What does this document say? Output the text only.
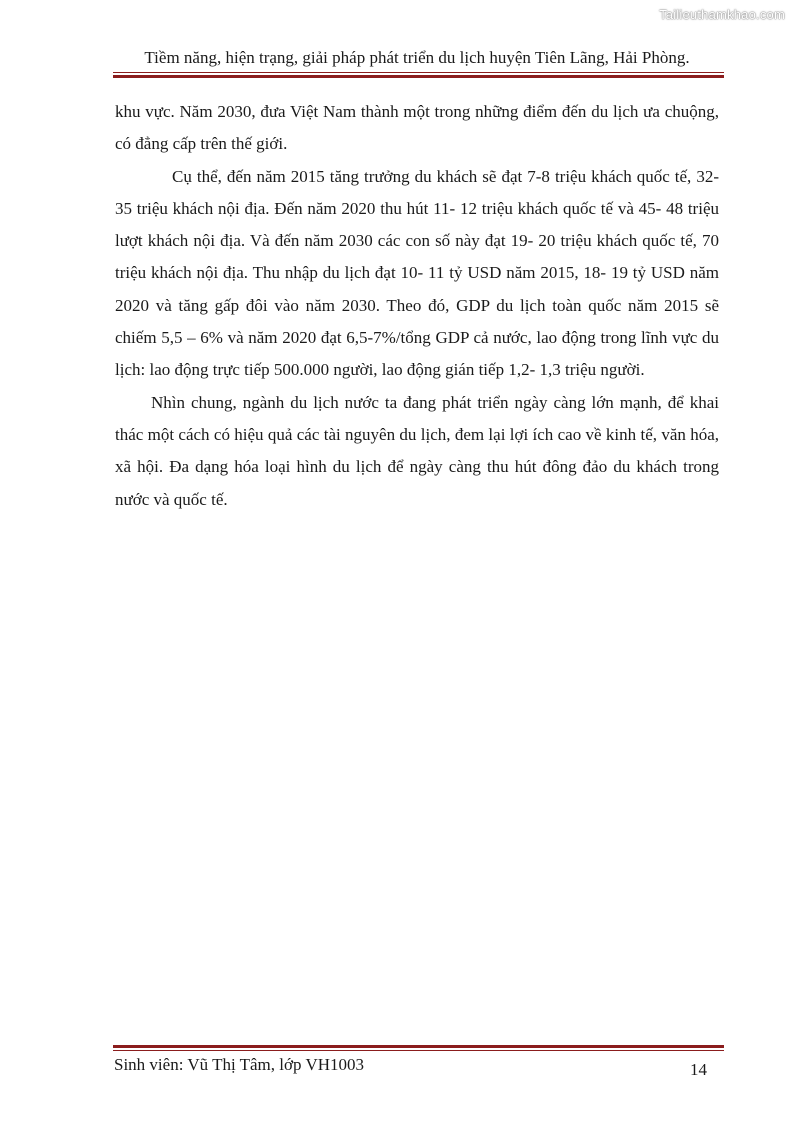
Tailieuthamkhao.com
Tiềm năng, hiện trạng, giải pháp phát triển du lịch huyện Tiên Lãng, Hải Phòng.

khu vực. Năm 2030, đưa Việt Nam thành một trong những điểm đến du lịch ưa chuộng, có đẳng cấp trên thế giới.

Cụ thể, đến năm 2015 tăng trưởng du khách sẽ đạt 7-8 triệu khách quốc tế, 32- 35 triệu khách nội địa. Đến năm 2020 thu hút 11- 12 triệu khách quốc tế và 45- 48 triệu lượt khách nội địa. Và đến năm 2030 các con số này đạt 19- 20 triệu khách quốc tế, 70 triệu khách nội địa. Thu nhập du lịch đạt 10- 11 tỷ USD năm 2015, 18- 19 tỷ USD năm 2020 và tăng gấp đôi vào năm 2030. Theo đó, GDP du lịch toàn quốc năm 2015 sẽ chiếm 5,5 – 6% và năm 2020 đạt 6,5-7%/tổng GDP cả nước, lao động trong lĩnh vực du lịch: lao động trực tiếp 500.000 người, lao động gián tiếp 1,2- 1,3 triệu người.

Nhìn chung, ngành du lịch nước ta đang phát triển ngày càng lớn mạnh, để khai thác một cách có hiệu quả các tài nguyên du lịch, đem lại lợi ích cao về kinh tế, văn hóa, xã hội. Đa dạng hóa loại hình du lịch để ngày càng thu hút đông đảo du khách trong nước và quốc tế.

Sinh viên: Vũ Thị Tâm, lớp VH1003	14
